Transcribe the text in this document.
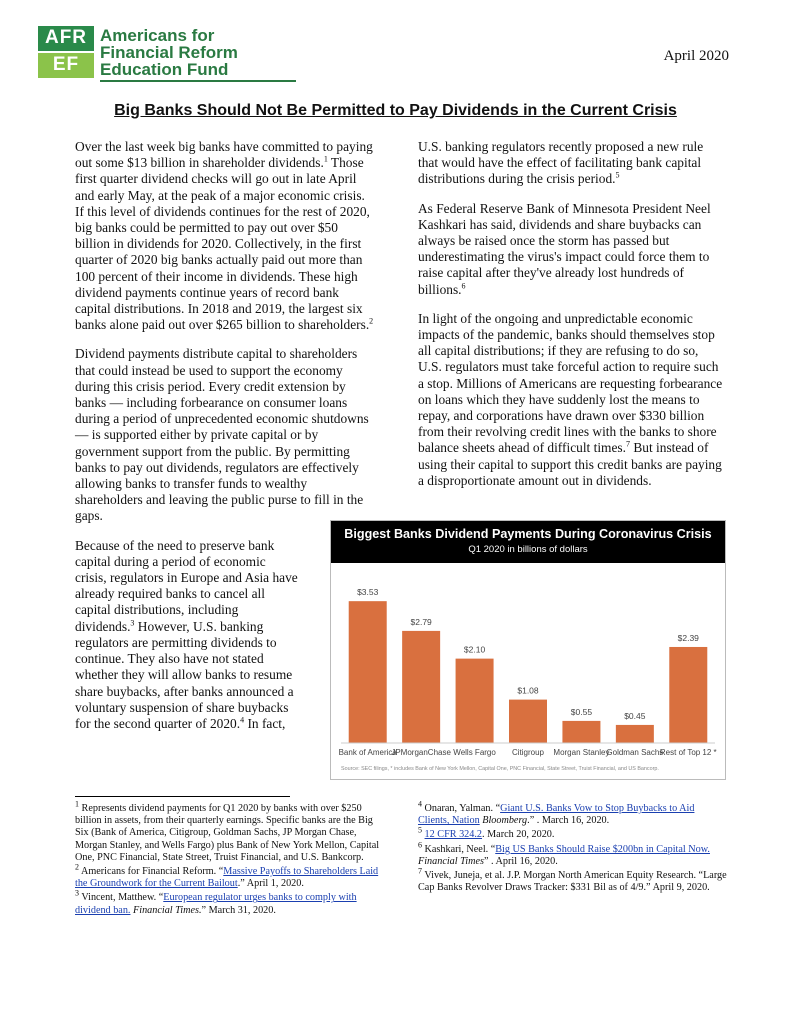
AFR
EF
Americans for
Financial Reform
Education Fund
April 2020
Big Banks Should Not Be Permitted to Pay Dividends in the Current Crisis

Over the last week big banks have committed to paying out some $13 billion in shareholder dividends.$^1$ Those first quarter dividend checks will go out in late April and early May, at the peak of a major economic crisis. If this level of dividends continues for the rest of 2020, big banks could be permitted to pay out over $50 billion in dividends for 2020. Collectively, in the first quarter of 2020 big banks actually paid out more than 100 percent of their income in dividends. These high dividend payments continue years of record bank capital distributions. In 2018 and 2019, the largest six banks alone paid out over $265 billion to shareholders.$^2$

Dividend payments distribute capital to shareholders that could instead be used to support the economy during this crisis period. Every credit extension by banks — including forbearance on consumer loans during a period of unprecedented economic shutdowns — is supported either by private capital or by government support from the public. By permitting banks to pay out dividends, regulators are effectively allowing banks to transfer funds to wealthy shareholders and leaving the public purse to fill in the gaps.

Because of the need to preserve bank capital during a period of economic crisis, regulators in Europe and Asia have already required banks to cancel all capital distributions, including dividends.$^3$ However, U.S. banking regulators are permitting dividends to continue. They also have not stated whether they will allow banks to resume share buybacks, after banks announced a voluntary suspension of share buybacks for the second quarter of 2020.$^4$ In fact,

U.S. banking regulators recently proposed a new rule that would have the effect of facilitating bank capital distributions during the crisis period.$^5$

As Federal Reserve Bank of Minnesota President Neel Kashkari has said, dividends and share buybacks can always be raised once the storm has passed but underestimating the virus's impact could force them to raise capital after they've already lost hundreds of billions.$^6$

In light of the ongoing and unpredictable economic impacts of the pandemic, banks should themselves stop all capital distributions; if they are refusing to do so, U.S. regulators must take forceful action to require such a stop. Millions of Americans are requesting forbearance on loans which they have suddenly lost the means to repay, and corporations have drawn over $330 billion from their revolving credit lines with the banks to shore balance sheets ahead of difficult times.$^7$ But instead of using their capital to support this credit banks are paying a disproportionate amount out in dividends.

Biggest Banks Dividend Payments During Coronavirus Crisis
Q1 2020 in billions of dollars
$3.53
Bank of America
$2.79
JPMorganChase
$2.10
Wells Fargo
$1.08
Citigroup
$0.55
Morgan Stanley
$0.45
Goldman Sachs
$2.39
Rest of Top 12 *
Source: SEC filings, * includes Bank of New York Mellon, Capital One, PNC Financial, State Street, Truist Financial, and US Bancorp.

$^1$ Represents dividend payments for Q1 2020 by banks with over $250 billion in assets, from their quarterly earnings. Specific banks are the Big Six (Bank of America, Citigroup, Goldman Sachs, JP Morgan Chase, Morgan Stanley, and Wells Fargo) plus Bank of New York Mellon, Capital One, PNC Financial, State Street, Truist Financial, and U.S. Bankcorp.

$^2$ Americans for Financial Reform. “Massive Payoffs to Shareholders Laid the Groundwork for the Current Bailout.” April 1, 2020.

$^3$ Vincent, Matthew. “European regulator urges banks to comply with dividend ban. Financial Times.” March 31, 2020.

$^4$ Onaran, Yalman. “Giant U.S. Banks Vow to Stop Buybacks to Aid Clients, Nation Bloomberg.” . March 16, 2020.

$^5$ 12 CFR 324.2. March 20, 2020.

$^6$ Kashkari, Neel. “Big US Banks Should Raise $200bn in Capital Now. Financial Times” . April 16, 2020.

$^7$ Vivek, Juneja, et al. J.P. Morgan North American Equity Research. “Large Cap Banks Revolver Draws Tracker: $331 Bil as of 4/9.” April 9, 2020.
